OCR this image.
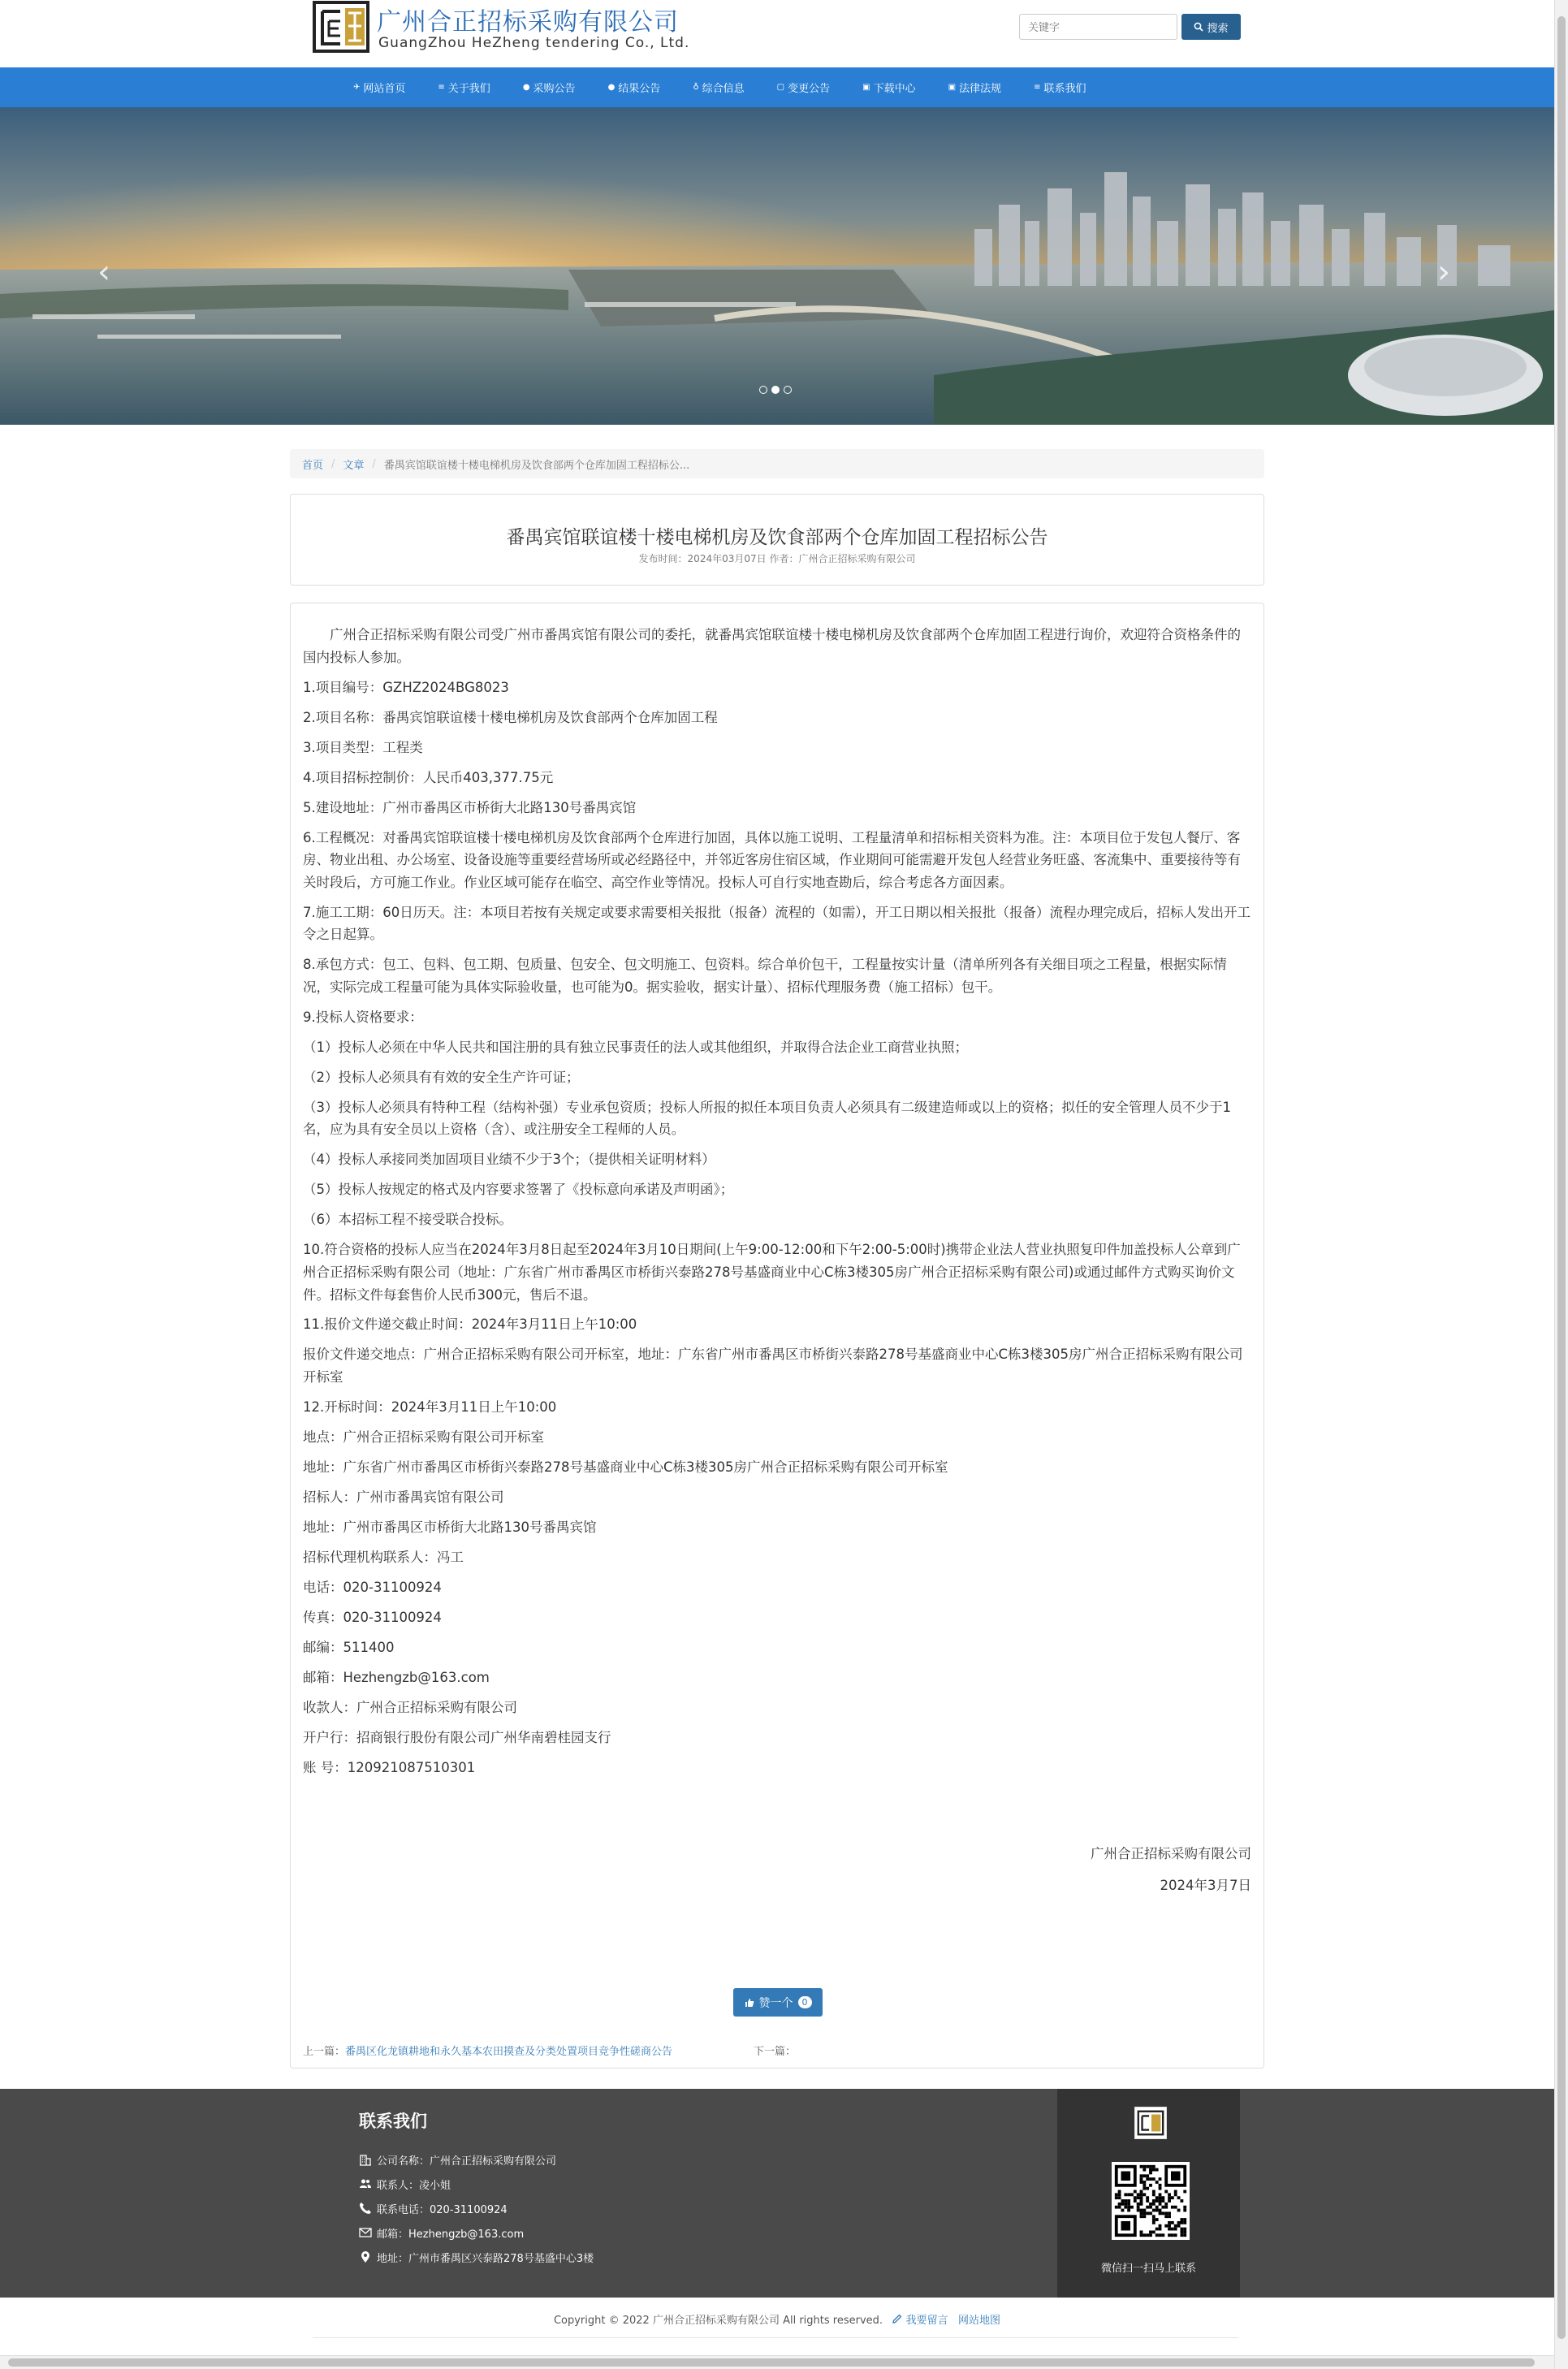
广州合正招标采购有限公司
GuangZhou HeZheng tendering Co., Ltd.
关键字
搜索
✈ 网站首页	≡ 关于我们	● 采购公告	● 结果公告	♁ 综合信息	▢ 变更公告	▣ 下载中心	▣ 法律法规	≡ 联系我们
‹	›
首页 / 文章 / 番禺宾馆联谊楼十楼电梯机房及饮食部两个仓库加固工程招标公...
番禺宾馆联谊楼十楼电梯机房及饮食部两个仓库加固工程招标公告
发布时间：2024年03月07日 作者：广州合正招标采购有限公司

广州合正招标采购有限公司受广州市番禺宾馆有限公司的委托，就番禺宾馆联谊楼十楼电梯机房及饮食部两个仓库加固工程进行询价，欢迎符合资格条件的国内投标人参加。

1.项目编号：GZHZ2024BG8023

2.项目名称：番禺宾馆联谊楼十楼电梯机房及饮食部两个仓库加固工程

3.项目类型：工程类

4.项目招标控制价：人民币403,377.75元

5.建设地址：广州市番禺区市桥街大北路130号番禺宾馆

6.工程概况：对番禺宾馆联谊楼十楼电梯机房及饮食部两个仓库进行加固，具体以施工说明、工程量清单和招标相关资料为准。注：本项目位于发包人餐厅、客房、物业出租、办公场室、设备设施等重要经营场所或必经路径中，并邻近客房住宿区域，作业期间可能需避开发包人经营业务旺盛、客流集中、重要接待等有关时段后，方可施工作业。作业区域可能存在临空、高空作业等情况。投标人可自行实地查勘后，综合考虑各方面因素。

7.施工工期：60日历天。注：本项目若按有关规定或要求需要相关报批（报备）流程的（如需），开工日期以相关报批（报备）流程办理完成后，招标人发出开工令之日起算。

8.承包方式：包工、包料、包工期、包质量、包安全、包文明施工、包资料。综合单价包干，工程量按实计量（清单所列各有关细目项之工程量，根据实际情况，实际完成工程量可能为具体实际验收量，也可能为0。据实验收，据实计量）、招标代理服务费（施工招标）包干。

9.投标人资格要求：

（1）投标人必须在中华人民共和国注册的具有独立民事责任的法人或其他组织，并取得合法企业工商营业执照；

（2）投标人必须具有有效的安全生产许可证；

（3）投标人必须具有特种工程（结构补强）专业承包资质；投标人所报的拟任本项目负责人必须具有二级建造师或以上的资格；拟任的安全管理人员不少于1名，应为具有安全员以上资格（含）、或注册安全工程师的人员。

（4）投标人承接同类加固项目业绩不少于3个；（提供相关证明材料）

（5）投标人按规定的格式及内容要求签署了《投标意向承诺及声明函》；

（6）本招标工程不接受联合投标。

10.符合资格的投标人应当在2024年3月8日起至2024年3月10日期间(上午9:00-12:00和下午2:00-5:00时)携带企业法人营业执照复印件加盖投标人公章到广州合正招标采购有限公司（地址：广东省广州市番禺区市桥街兴泰路278号基盛商业中心C栋3楼305房广州合正招标采购有限公司)或通过邮件方式购买询价文件。招标文件每套售价人民币300元，售后不退。

11.报价文件递交截止时间：2024年3月11日上午10:00

报价文件递交地点：广州合正招标采购有限公司开标室，地址：广东省广州市番禺区市桥街兴泰路278号基盛商业中心C栋3楼305房广州合正招标采购有限公司开标室

12.开标时间：2024年3月11日上午10:00

地点：广州合正招标采购有限公司开标室

地址：广东省广州市番禺区市桥街兴泰路278号基盛商业中心C栋3楼305房广州合正招标采购有限公司开标室

招标人：广州市番禺宾馆有限公司

地址：广州市番禺区市桥街大北路130号番禺宾馆

招标代理机构联系人：冯工

电话：020-31100924

传真：020-31100924

邮编：511400

邮箱：Hezhengzb@163.com

收款人：广州合正招标采购有限公司

开户行：招商银行股份有限公司广州华南碧桂园支行

账 号：120921087510301

广州合正招标采购有限公司
2024年3月7日
赞一个	0
上一篇：番禺区化龙镇耕地和永久基本农田摸查及分类处置项目竞争性磋商公告	下一篇：
联系我们
公司名称：广州合正招标采购有限公司
联系人：凌小姐
联系电话：020-31100924
邮箱：Hezhengzb@163.com
地址：广州市番禺区兴泰路278号基盛中心3楼
微信扫一扫马上联系
Copyright © 2022 广州合正招标采购有限公司 All rights reserved. 我要留言 网站地图
